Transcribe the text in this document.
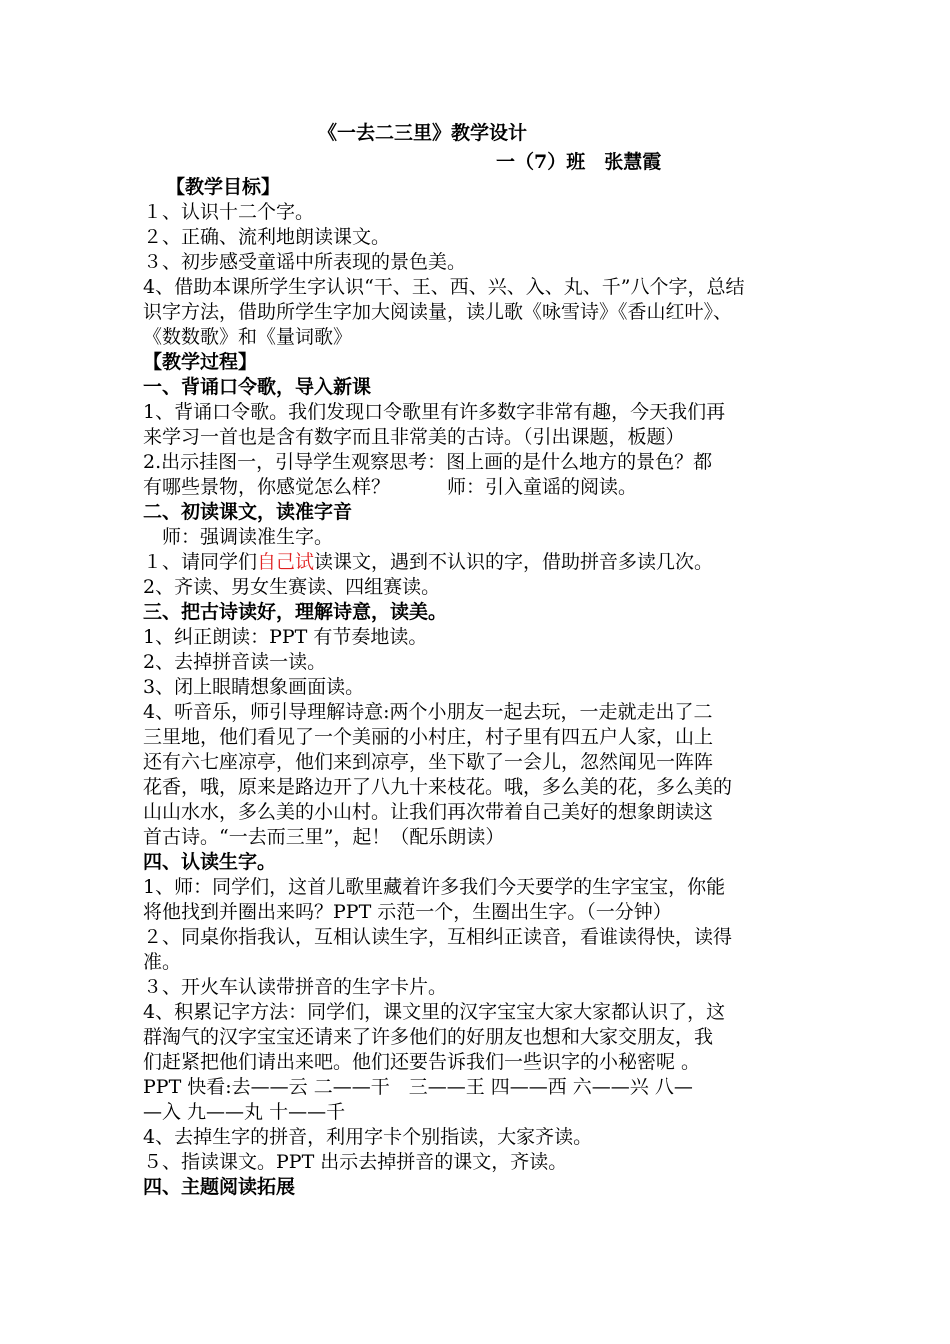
《一去二三里》教学设计
一（7）班　张慧霞
【教学目标】
１、认识十二个字。
２、正确、流利地朗读课文。
３、初步感受童谣中所表现的景色美。
4、借助本课所学生字认识“干、王、西、兴、入、丸、千”八个字，总结
识字方法，借助所学生字加大阅读量，读儿歌《咏雪诗》《香山红叶》、
《数数歌》和《量词歌》
【教学过程】
一、背诵口令歌，导入新课
1、背诵口令歌。我们发现口令歌里有许多数字非常有趣，今天我们再
来学习一首也是含有数字而且非常美的古诗。（引出课题，板题）
2.出示挂图一，引导学生观察思考：图上画的是什么地方的景色？都
有哪些景物，你感觉怎么样？　　　师：引入童谣的阅读。
二、初读课文，读准字音
　师：强调读准生字。
１、请同学们自己试读课文，遇到不认识的字，借助拼音多读几次。
2、齐读、男女生赛读、四组赛读。
三、把古诗读好，理解诗意，读美。
1、纠正朗读：PPT 有节奏地读。
2、去掉拼音读一读。
3、闭上眼睛想象画面读。
4、听音乐，师引导理解诗意:两个小朋友一起去玩，一走就走出了二
三里地，他们看见了一个美丽的小村庄，村子里有四五户人家，山上
还有六七座凉亭，他们来到凉亭，坐下歇了一会儿，忽然闻见一阵阵
花香，哦，原来是路边开了八九十来枝花。哦，多么美的花，多么美的
山山水水，多么美的小山村。让我们再次带着自己美好的想象朗读这
首古诗。“一去而三里”，起！（配乐朗读）
四、认读生字。
1、师：同学们，这首儿歌里藏着许多我们今天要学的生字宝宝，你能
将他找到并圈出来吗？PPT 示范一个，生圈出生字。（一分钟）
２、同桌你指我认，互相认读生字，互相纠正读音，看谁读得快，读得
准。
３、开火车认读带拼音的生字卡片。
4、积累记字方法：同学们，课文里的汉字宝宝大家大家都认识了，这
群淘气的汉字宝宝还请来了许多他们的好朋友也想和大家交朋友，我
们赶紧把他们请出来吧。他们还要告诉我们一些识字的小秘密呢 。
PPT 快看:去——云 二——干　三——王 四——西 六——兴 八—
—入 九——丸 十——千
4、去掉生字的拼音，利用字卡个别指读，大家齐读。
５、指读课文。PPT 出示去掉拼音的课文，齐读。
四、主题阅读拓展
